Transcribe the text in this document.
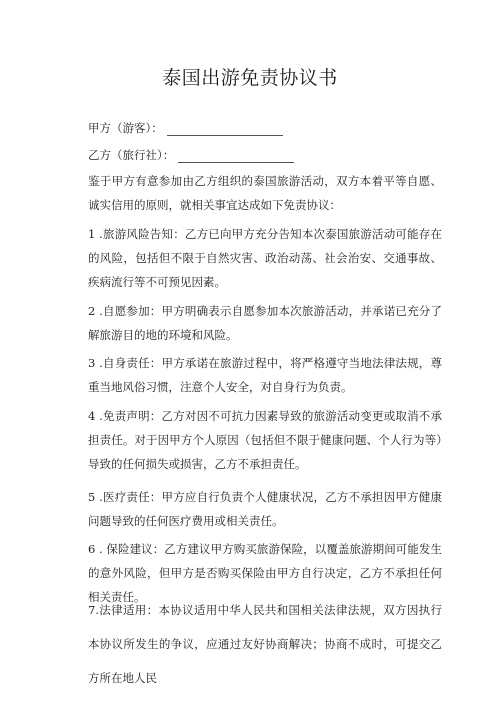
泰国出游免责协议书
甲方（游客）：
乙方（旅行社）：
鉴于甲方有意参加由乙方组织的泰国旅游活动，双方本着平等自愿、诚实信用的原则，就相关事宜达成如下免责协议：
1 .旅游风险告知：乙方已向甲方充分告知本次泰国旅游活动可能存在的风险，包括但不限于自然灾害、政治动荡、社会治安、交通事故、疾病流行等不可预见因素。
2 .自愿参加：甲方明确表示自愿参加本次旅游活动，并承诺已充分了解旅游目的地的环境和风险。
3 .自身责任：甲方承诺在旅游过程中，将严格遵守当地法律法规，尊重当地风俗习惯，注意个人安全，对自身行为负责。
4 .免责声明：乙方对因不可抗力因素导致的旅游活动变更或取消不承担责任。对于因甲方个人原因（包括但不限于健康问题、个人行为等）导致的任何损失或损害，乙方不承担责任。
5 .医疗责任：甲方应自行负责个人健康状况，乙方不承担因甲方健康问题导致的任何医疗费用或相关责任。
6 . 保险建议：乙方建议甲方购买旅游保险，以覆盖旅游期间可能发生的意外风险，但甲方是否购买保险由甲方自行决定，乙方不承担任何相关责任。
7.法律适用：本协议适用中华人民共和国相关法律法规，双方因执行本协议所发生的争议，应通过友好协商解决；协商不成时，可提交乙方所在地人民
